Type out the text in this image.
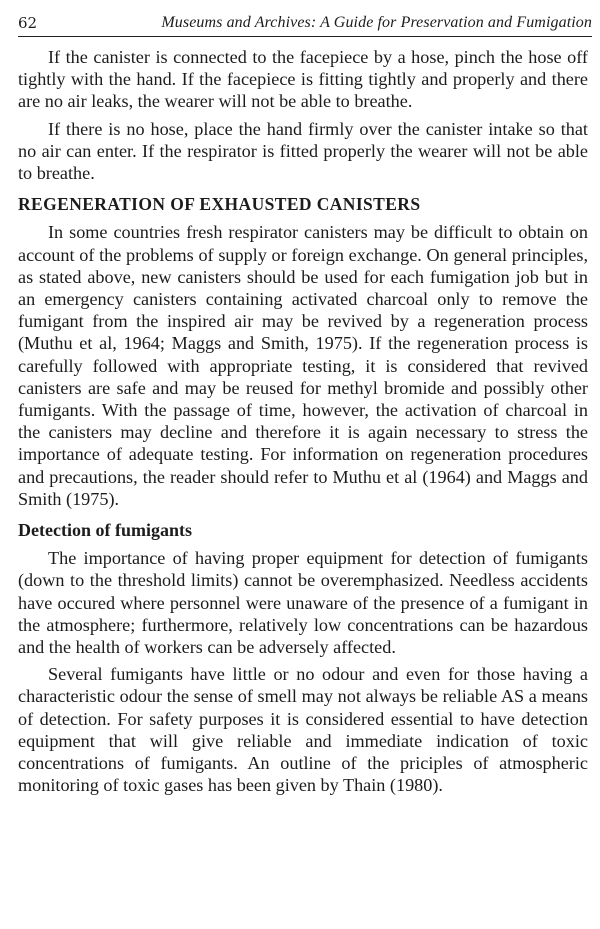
62	Museums and Archives: A Guide for Preservation and Fumigation

If the canister is connected to the facepiece by a hose, pinch the hose off tightly with the hand. If the facepiece is fitting tightly and properly and there are no air leaks, the wearer will not be able to breathe.

If there is no hose, place the hand firmly over the canister intake so that no air can enter. If the respirator is fitted properly the wearer will not be able to breathe.

REGENERATION OF EXHAUSTED CANISTERS

In some countries fresh respirator canisters may be difficult to obtain on account of the problems of supply or foreign exchange. On general principles, as stated above, new canisters should be used for each fumigation job but in an emergency canisters containing activated charcoal only to remove the fumigant from the inspired air may be revived by a regeneration process (Muthu et al, 1964; Maggs and Smith, 1975). If the regeneration process is carefully followed with appropriate testing, it is considered that revived canisters are safe and may be reused for methyl bromide and possibly other fumigants. With the passage of time, however, the activation of charcoal in the canisters may decline and therefore it is again necessary to stress the importance of adequate testing. For information on regeneration procedures and precautions, the reader should refer to Muthu et al (1964) and Maggs and Smith (1975).

Detection of fumigants

The importance of having proper equipment for detection of fumigants (down to the threshold limits) cannot be overemphasized. Needless accidents have occured where personnel were unaware of the presence of a fumigant in the atmosphere; furthermore, relatively low concentrations can be hazardous and the health of workers can be adversely affected.

Several fumigants have little or no odour and even for those having a characteristic odour the sense of smell may not always be reliable AS a means of detection. For safety purposes it is considered essential to have detection equipment that will give reliable and immediate indication of toxic concentrations of fumigants. An outline of the priciples of atmospheric monitoring of toxic gases has been given by Thain (1980).
